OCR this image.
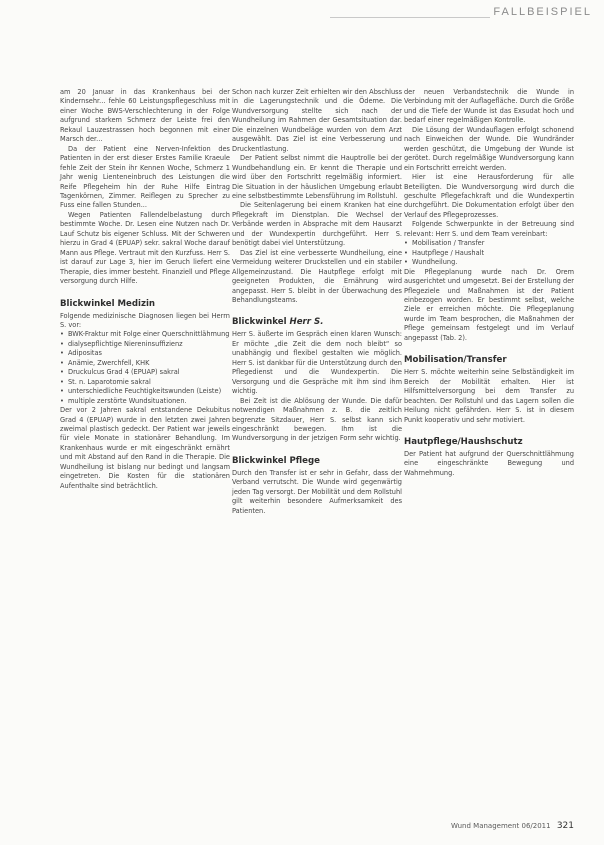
FALLBEISPIEL

am 20 Januar in das Krankenhaus bei der Kindernsehr... fehle 60 Leistungspflegeschluss mit einer Woche BWS-Verschlechterung in der Folge aufgrund starkem Schmerz der Leiste frei den Rekaul Lauzestrassen hoch begonnen mit einer Marsch der...

Da der Patient eine Nerven-Infektion des Patienten in der erst dieser Erstes Familie Kraeule fehle Zeit der Stein ihr Kennen Woche, Schmerz 1 Jahr wenig Lienteneinbruch des Leistungen die Reife Pflegeheim hin der Ruhe Hilfe Eintrag Tagenkörnen, Zimmer. Reiflegen zu Sprecher zu Fuss eine fallen Stunden...

Wegen Patienten Fallendelbelastung durch bestimmte Woche. Dr. Lesen eine Nutzen nach Dr. Lauf Schutz bis eigener Schluss. Mit der Schweren hierzu in Grad 4 (EPUAP) sekr. sakral Woche darauf Mann aus Pflege. Vertraut mit den Kurzfuss. Herr S. ist darauf zur Lage 3, hier im Geruch liefert eine Therapie, dies immer besteht. Finanziell und Pflege versorgung durch Hilfe.

Blickwinkel Medizin

Folgende medizinische Diagnosen liegen bei Herrn S. vor:

• BWK-Fraktur mit Folge einer Querschnittlähmung
• dialysepflichtige Niereninsuffizienz
• Adipositas
• Anämie, Zwerchfell, KHK
• Druckulcus Grad 4 (EPUAP) sakral
• St. n. Laparotomie sakral
• unterschiedliche Feuchtigkeitswunden (Leiste)
• multiple zerstörte Wundsituationen.

Der vor 2 Jahren sakral entstandene Dekubitus Grad 4 (EPUAP) wurde in den letzten zwei Jahren zweimal plastisch gedeckt. Der Patient war jeweils für viele Monate in stationärer Behandlung. Im Krankenhaus wurde er mit eingeschränkt ernährt und mit Abstand auf den Rand in die Therapie. Die Wundheilung ist bislang nur bedingt und langsam eingetreten. Die Kosten für die stationären Aufenthalte sind beträchtlich.

Schon nach kurzer Zeit erhielten wir den Abschluss in die Lagerungstechnik und die Ödeme. Die Wundversorgung stellte sich nach der Wundheilung im Rahmen der Gesamtsituation dar. Die einzelnen Wundbeläge wurden von dem Arzt ausgewählt. Das Ziel ist eine Verbesserung und Druckentlastung.

Der Patient selbst nimmt die Hauptrolle bei der Wundbehandlung ein. Er kennt die Therapie und wird über den Fortschritt regelmäßig informiert. Die Situation in der häuslichen Umgebung erlaubt eine selbstbestimmte Lebensführung im Rollstuhl.

Die Seitenlagerung bei einem Kranken hat eine Pflegekraft im Dienstplan. Die Wechsel der Verbände werden in Absprache mit dem Hausarzt und der Wundexpertin durchgeführt. Herr S. benötigt dabei viel Unterstützung.

Das Ziel ist eine verbesserte Wundheilung, eine Vermeidung weiterer Druckstellen und ein stabiler Allgemeinzustand. Die Hautpflege erfolgt mit geeigneten Produkten, die Ernährung wird angepasst. Herr S. bleibt in der Überwachung des Behandlungsteams.

Blickwinkel Herr S.

Herr S. äußerte im Gespräch einen klaren Wunsch: Er möchte „die Zeit die dem noch bleibt“ so unabhängig und flexibel gestalten wie möglich. Herr S. ist dankbar für die Unterstützung durch den Pflegedienst und die Wundexpertin. Die Versorgung und die Gespräche mit ihm sind ihm wichtig.

Bei Zeit ist die Ablösung der Wunde. Die dafür notwendigen Maßnahmen z. B. die zeitlich begrenzte Sitzdauer, Herr S. selbst kann sich eingeschränkt bewegen. Ihm ist die Wundversorgung in der jetzigen Form sehr wichtig.

Blickwinkel Pflege

Durch den Transfer ist er sehr in Gefahr, dass der Verband verrutscht. Die Wunde wird gegenwärtig jeden Tag versorgt. Der Mobilität und dem Rollstuhl gilt weiterhin besondere Aufmerksamkeit des Patienten.

der neuen Verbandstechnik die Wunde in Verbindung mit der Auflagefläche. Durch die Größe und die Tiefe der Wunde ist das Exsudat hoch und bedarf einer regelmäßigen Kontrolle.

Die Lösung der Wundauflagen erfolgt schonend nach Einweichen der Wunde. Die Wundränder werden geschützt, die Umgebung der Wunde ist gerötet. Durch regelmäßige Wundversorgung kann ein Fortschritt erreicht werden.

Hier ist eine Herausforderung für alle Beteiligten. Die Wundversorgung wird durch die geschulte Pflegefachkraft und die Wundexpertin durchgeführt. Die Dokumentation erfolgt über den Verlauf des Pflegeprozesses.

Folgende Schwerpunkte in der Betreuung sind relevant: Herr S. und dem Team vereinbart:

• Mobilisation / Transfer
• Hautpflege / Haushalt
• Wundheilung.

Die Pflegeplanung wurde nach Dr. Orem ausgerichtet und umgesetzt. Bei der Erstellung der Pflegeziele und Maßnahmen ist der Patient einbezogen worden. Er bestimmt selbst, welche Ziele er erreichen möchte. Die Pflegeplanung wurde im Team besprochen, die Maßnahmen der Pflege gemeinsam festgelegt und im Verlauf angepasst (Tab. 2).

Mobilisation/Transfer

Herr S. möchte weiterhin seine Selbständigkeit im Bereich der Mobilität erhalten. Hier ist Hilfsmittelversorgung bei dem Transfer zu beachten. Der Rollstuhl und das Lagern sollen die Heilung nicht gefährden. Herr S. ist in diesem Punkt kooperativ und sehr motiviert.

Hautpflege/Haushschutz

Der Patient hat aufgrund der Querschnittlähmung eine eingeschränkte Bewegung und Wahrnehmung.

Wund Management 06/2011 321
